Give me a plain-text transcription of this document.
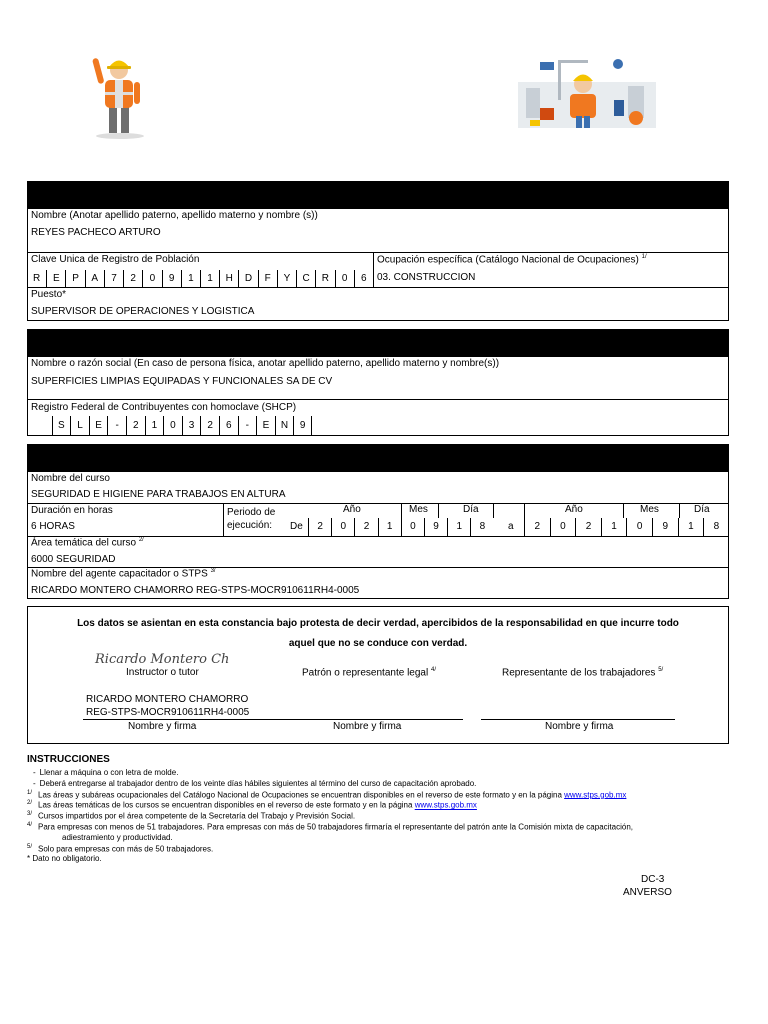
Nombre (Anotar apellido paterno, apellido materno y nombre (s))
REYES PACHECO ARTURO
Clave Unica de Registro de Población	Ocupación específica (Catálogo Nacional de Ocupaciones) $^{1/}$
R	E	P	A	7	2	0	9	1	1	H	D	F	Y	C	R	0	6	03. CONSTRUCCION
Puesto*
SUPERVISOR DE OPERACIONES Y LOGISTICA
Nombre o razón social (En caso de persona física, anotar apellido paterno, apellido materno y nombre(s))
SUPERFICIES LIMPIAS EQUIPADAS Y FUNCIONALES SA DE CV
Registro Federal de Contribuyentes con homoclave (SHCP)
S	L	E	-	2	1	0	3	2	6	-	E	N	9
Nombre del curso
SEGURIDAD E HIGIENE PARA TRABAJOS EN ALTURA
Duración en horas
6 HORAS
Periodo de
ejecución: De
Año	Mes	Día	Año	Mes	Día
2	0	2	1	0	9	1	8	a	2	0	2	1	0	9	1	8
Área temática del curso $^{2/}$
6000 SEGURIDAD
Nombre del agente capacitador o STPS $^{3/}$
RICARDO MONTERO CHAMORRO REG-STPS-MOCR910611RH4-0005
Los datos se asientan en esta constancia bajo protesta de decir verdad, apercibidos de la responsabilidad en que incurre todo
aquel que no se conduce con verdad.
Ricardo Montero Ch
Instructor o tutor	Patrón o representante legal $^{4/}$	Representante de los trabajadores $^{5/}$
RICARDO MONTERO CHAMORRO
REG-STPS-MOCR910611RH4-0005
Nombre y firma	Nombre y firma	Nombre y firma
INSTRUCCIONES
- Llenar a máquina o con letra de molde.
- Deberá entregarse al trabajador dentro de los veinte días hábiles siguientes al término del curso de capacitación aprobado.
$^{1/}$ Las áreas y subáreas ocupacionales del Catálogo Nacional de Ocupaciones se encuentran disponibles en el reverso de este formato y en la página www.stps.gob.mx
$^{2/}$ Las áreas temáticas de los cursos se encuentran disponibles en el reverso de este formato y en la página www.stps.gob.mx
$^{3/}$ Cursos impartidos por el área competente de la Secretaría del Trabajo y Previsión Social.
$^{4/}$ Para empresas con menos de 51 trabajadores. Para empresas con más de 50 trabajadores firmaría el representante del patrón ante la Comisión mixta de capacitación,
adiestramiento y productividad.
$^{5/}$ Solo para empresas con más de 50 trabajadores.
* Dato no obligatorio.
DC-3
ANVERSO
